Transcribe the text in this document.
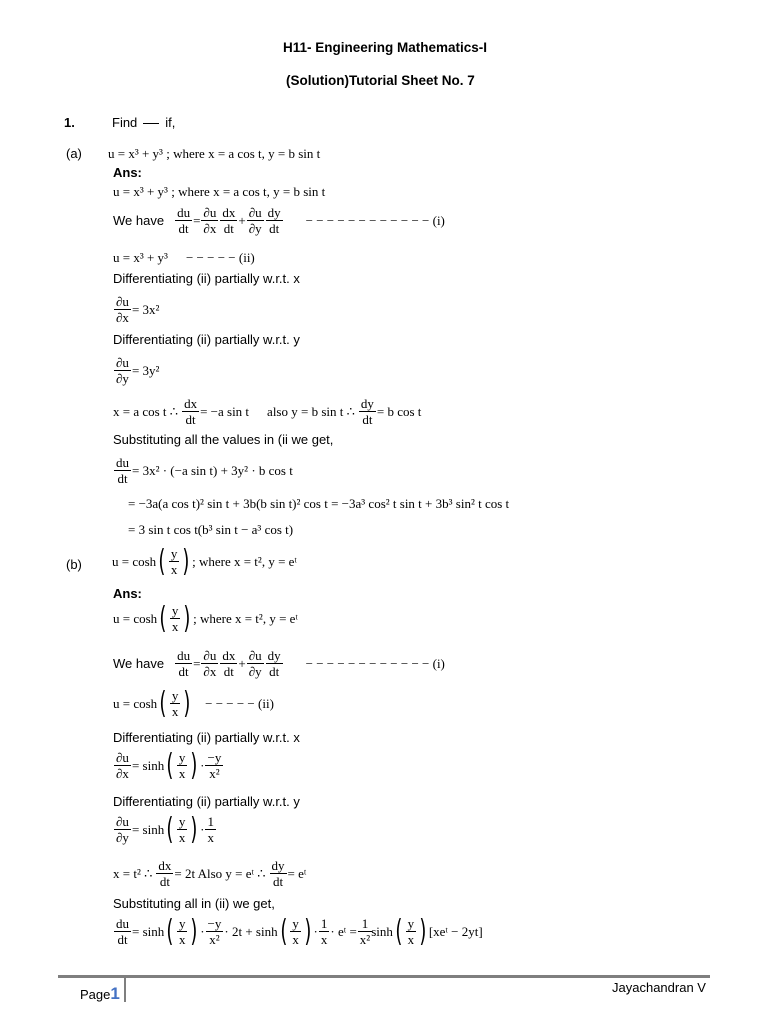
H11- Engineering Mathematics-I
(Solution)Tutorial Sheet No. 7
1.	Find if,
(a) u = x³ + y³ ; where x = a cos t, y = b sin t
Ans:
u = x³ + y³ ; where x = a cos t, y = b sin t
We have $\frac{du}{dt} = \frac{\partial u}{\partial x} \frac{dx}{dt} + \frac{\partial u}{\partial y} \frac{dy}{dt}$ − − − − − − − − − − − − (i)
u = x³ + y³ − − − − − (ii)
Differentiating (ii) partially w.r.t. x
$\frac{\partial u}{\partial x} = 3x^2$
Differentiating (ii) partially w.r.t. y
$\frac{\partial u}{\partial y} = 3y^2$
x = a cos t ∴ $\frac{dx}{dt} = -a$ sin t also y = b sin t ∴ $\frac{dy}{dt} = b$ cos t
Substituting all the values in (ii we get,
$\frac{du}{dt} = 3x^2 \cdot (-a$ sin t) + 3y² · b cos t
= −3a(a cos t)² sin t + 3b(b sin t)² cos t = −3a³ cos² t sin t + 3b³ sin² t cos t
= 3 sin t cos t(b³ sin t − a³ cos t)
(b) u = cosh ( $\frac{y}{x}$ ) ; where x = t², y = eᵗ
Ans:
u = cosh ( $\frac{y}{x}$ ) ; where x = t², y = eᵗ
We have $\frac{du}{dt} = \frac{\partial u}{\partial x} \frac{dx}{dt} + \frac{\partial u}{\partial y} \frac{dy}{dt}$ − − − − − − − − − − − − (i)
u = cosh ( $\frac{y}{x}$ ) − − − − − (ii)
Differentiating (ii) partially w.r.t. x
$\frac{\partial u}{\partial x} = \sinh$ ( $\frac{y}{x}$ ) · $\frac{-y}{\text{x²}}$
Differentiating (ii) partially w.r.t. y
$\frac{\partial u}{\partial y} = \sinh$ ( $\frac{y}{x}$ ) · $\frac{1}{x}$
x = t² ∴ $\frac{dx}{dt} = 2t$ Also y = eᵗ ∴ $\frac{dy}{dt}$ = eᵗ
Substituting all in (ii) we get,
$\frac{du}{dt} = \sinh$ ( $\frac{y}{x}$ ) · $\frac{-y}{\text{x²}} \cdot 2t + \sinh$ ( $\frac{y}{x}$ ) · $\frac{1}{x}$ · eᵗ = $\frac{1}{\text{x²}}$ sinh ( $\frac{y}{x}$ ) [xeᵗ − 2yt]
Page1	Jayachandran V
